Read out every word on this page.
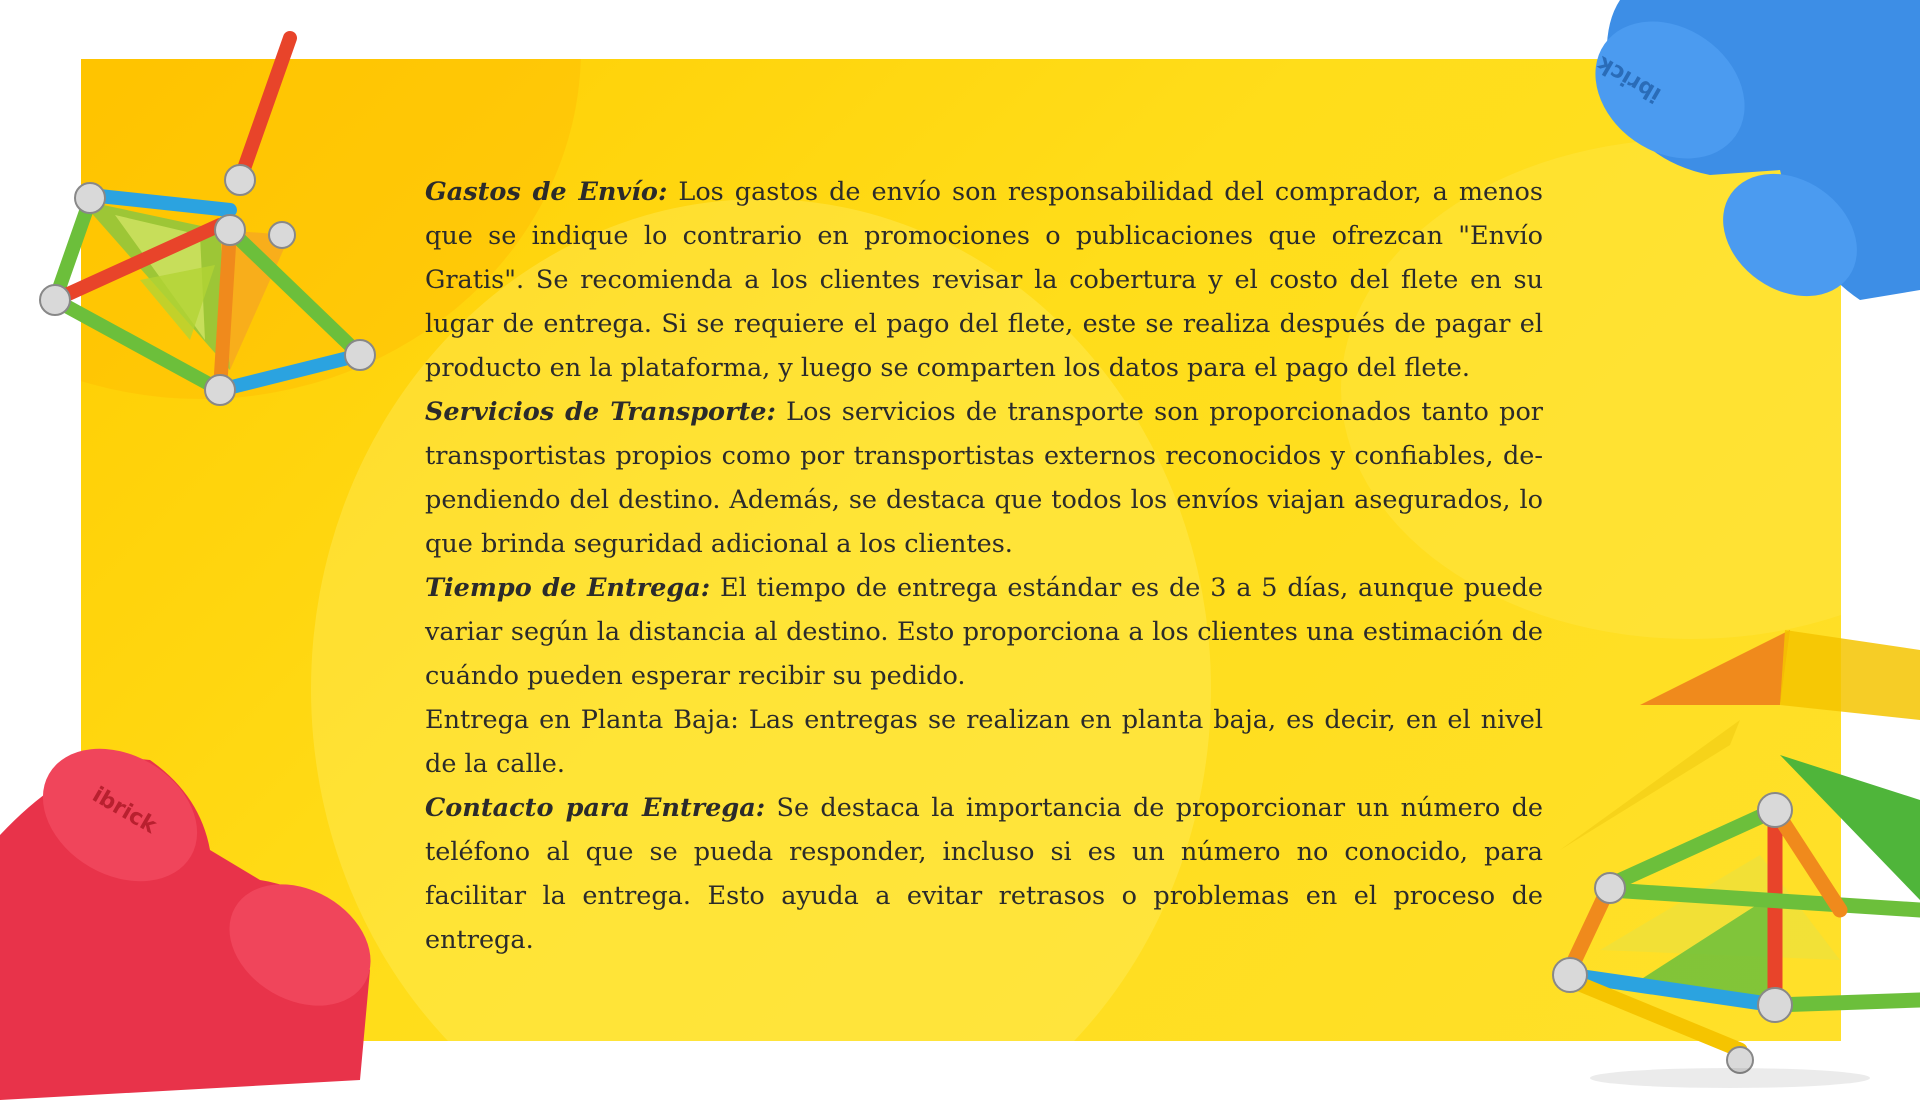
Gastos de Envío: Los gastos de envío son responsabilidad del comprador, a menos que se indique lo contrario en promociones o publicaciones que ofrezcan "Envío Gratis". Se recomienda a los clientes revisar la cobertura y el costo del flete en su lugar de entrega. Si se requiere el pago del flete, este se realiza después de pagar el producto en la plataforma, y luego se comparten los datos para el pago del flete.

Servicios de Transporte: Los servicios de transporte son proporcionados tanto por transportistas propios como por transportistas externos reconocidos y confiables, dependiendo del destino. Además, se destaca que todos los envíos viajan asegurados, lo que brinda seguridad adicional a los clientes.

Tiempo de Entrega: El tiempo de entrega estándar es de 3 a 5 días, aunque puede variar según la distancia al destino. Esto proporciona a los clientes una estimación de cuándo pueden esperar recibir su pedido.

Entrega en Planta Baja: Las entregas se realizan en planta baja, es decir, en el nivel de la calle.

Contacto para Entrega: Se destaca la importancia de proporcionar un número de teléfono al que se pueda responder, incluso si es un número no conocido, para facilitar la entrega. Esto ayuda a evitar retrasos o problemas en el proceso de entrega.

ibrick
ibrick
